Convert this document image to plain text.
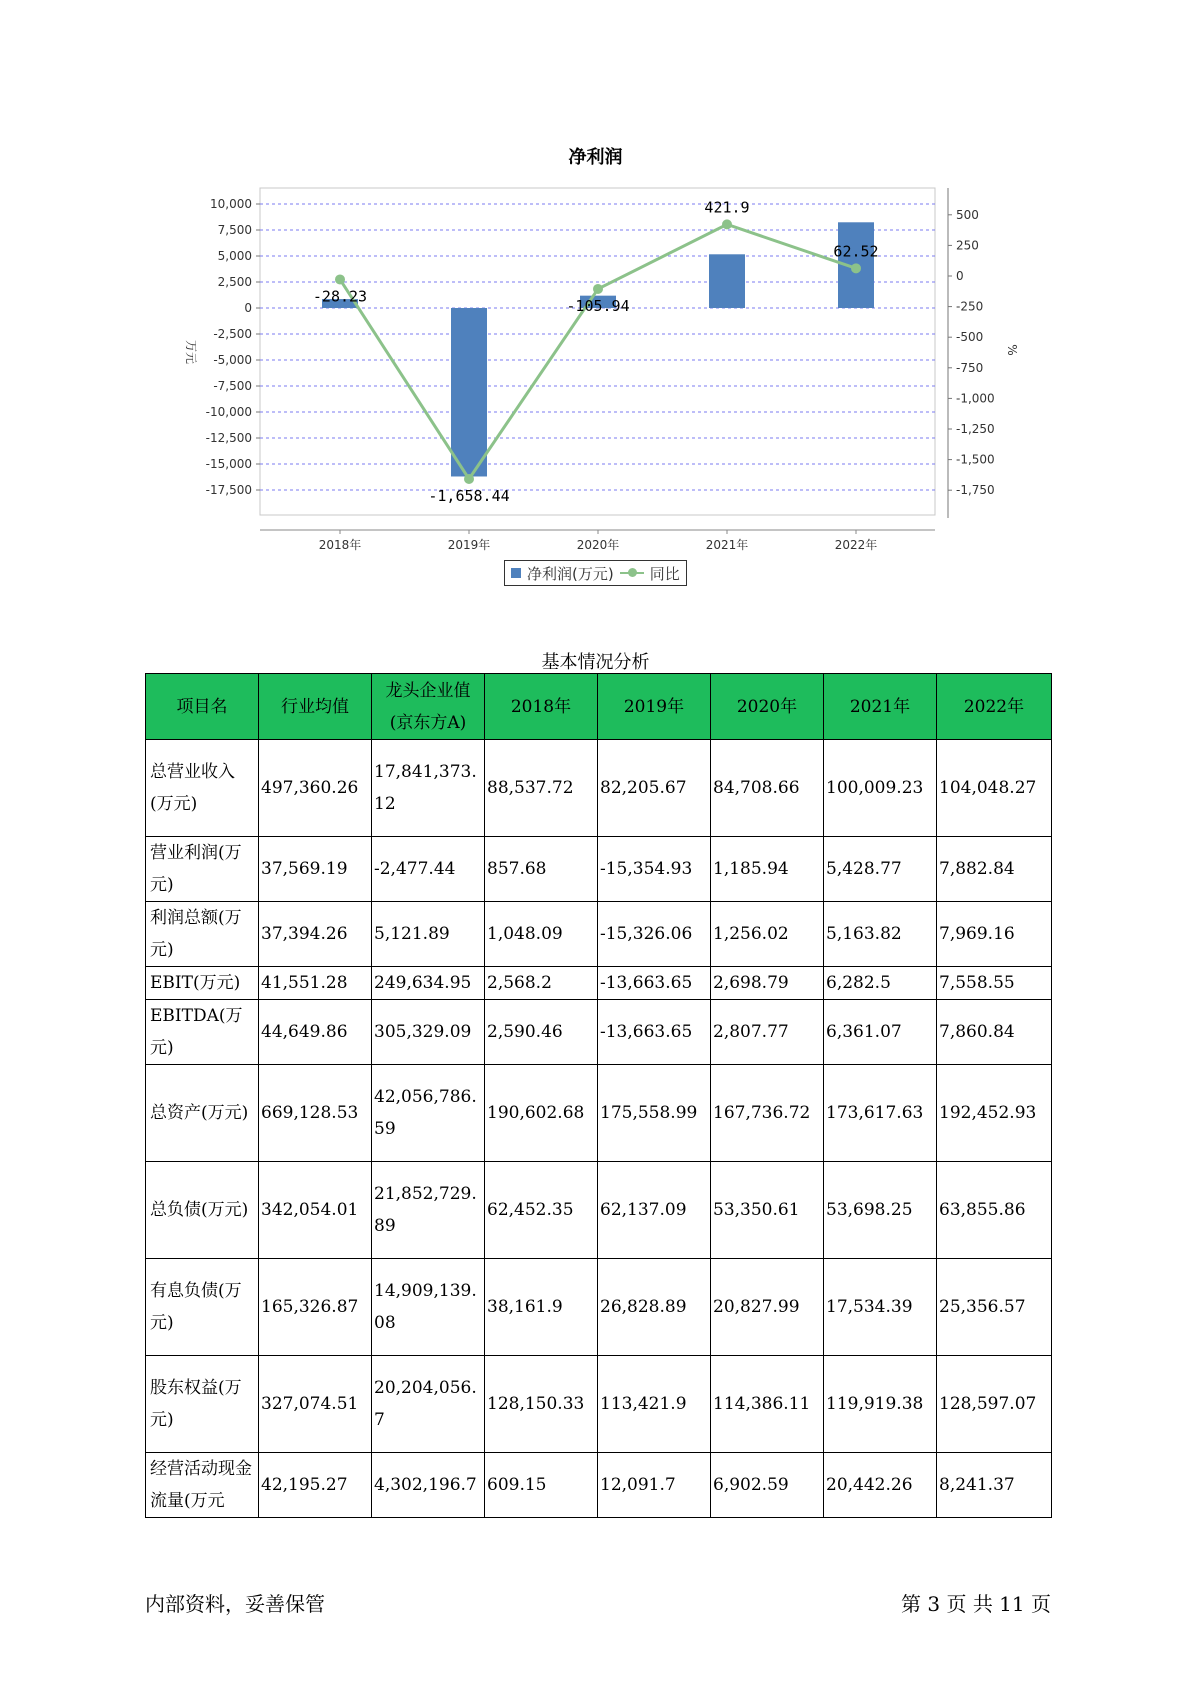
净利润
10,000
7,500
5,000
2,500
0
-2,500
-5,000
-7,500
-10,000
-12,500
-15,000
-17,500
500
250
0
-250
-500
-750
-1,000
-1,250
-1,500
-1,750
2018年	2019年	2020年	2021年	2022年
万元	%
-28.23
-1,658.44
-105.94
421.9
62.52
净利润(万元) 同比
基本情况分析
项目名	行业均值	龙头企业值(京东方A)	2018年	2019年	2020年	2021年	2022年
总营业收入(万元)	497,360.26	17,841,373.12	88,537.72	82,205.67	84,708.66	100,009.23	104,048.27
营业利润(万元)	37,569.19	-2,477.44	857.68	-15,354.93	1,185.94	5,428.77	7,882.84
利润总额(万元)	37,394.26	5,121.89	1,048.09	-15,326.06	1,256.02	5,163.82	7,969.16
EBIT(万元)	41,551.28	249,634.95	2,568.2	-13,663.65	2,698.79	6,282.5	7,558.55
EBITDA(万元)	44,649.86	305,329.09	2,590.46	-13,663.65	2,807.77	6,361.07	7,860.84
总资产(万元)	669,128.53	42,056,786.59	190,602.68	175,558.99	167,736.72	173,617.63	192,452.93
总负债(万元)	342,054.01	21,852,729.89	62,452.35	62,137.09	53,350.61	53,698.25	63,855.86
有息负债(万元)	165,326.87	14,909,139.08	38,161.9	26,828.89	20,827.99	17,534.39	25,356.57
股东权益(万元)	327,074.51	20,204,056.7	128,150.33	113,421.9	114,386.11	119,919.38	128,597.07
经营活动现金流量(万元	42,195.27	4,302,196.7	609.15	12,091.7	6,902.59	20,442.26	8,241.37
内部资料，妥善保管	第 3 页 共 11 页
